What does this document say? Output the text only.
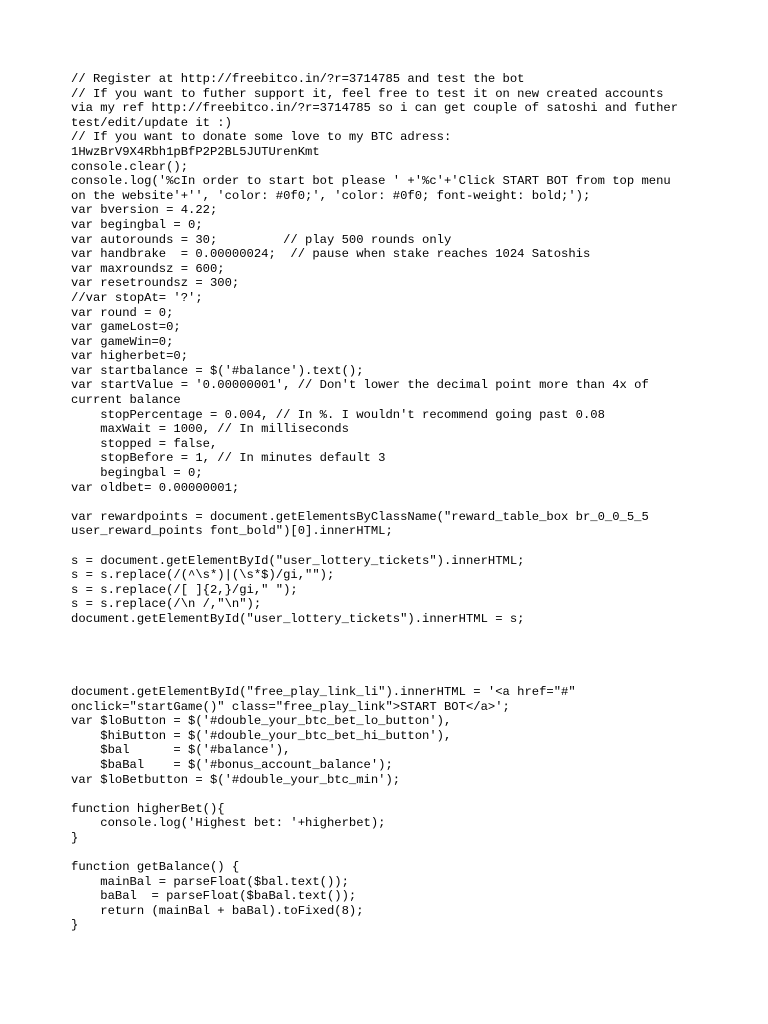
// Register at http://freebitco.in/?r=3714785 and test the bot
// If you want to futher support it, feel free to test it on new created accounts
via my ref http://freebitco.in/?r=3714785 so i can get couple of satoshi and futher
test/edit/update it :)
// If you want to donate some love to my BTC adress:
1HwzBrV9X4Rbh1pBfP2P2BL5JUTUrenKmt
console.clear();
console.log('%cIn order to start bot please ' +'%c'+'Click START BOT from top menu
on the website'+'', 'color: #0f0;', 'color: #0f0; font-weight: bold;');
var bversion = 4.22;
var begingbal = 0;
var autorounds = 30;         // play 500 rounds only
var handbrake  = 0.00000024;  // pause when stake reaches 1024 Satoshis
var maxroundsz = 600;
var resetroundsz = 300;
//var stopAt= '?';
var round = 0;
var gameLost=0;
var gameWin=0;
var higherbet=0;
var startbalance = $('#balance').text();
var startValue = '0.00000001', // Don't lower the decimal point more than 4x of
current balance
stopPercentage = 0.004, // In %. I wouldn't recommend going past 0.08
maxWait = 1000, // In milliseconds
stopped = false,
stopBefore = 1, // In minutes default 3
begingbal = 0;
var oldbet= 0.00000001;
var rewardpoints = document.getElementsByClassName("reward_table_box br_0_0_5_5
user_reward_points font_bold")[0].innerHTML;
s = document.getElementById("user_lottery_tickets").innerHTML;
s = s.replace(/(^\s*)|(\s*$)/gi,"");
s = s.replace(/[ ]{2,}/gi," ");
s = s.replace(/\n /,"\n");
document.getElementById("user_lottery_tickets").innerHTML = s;
document.getElementById("free_play_link_li").innerHTML = '<a href="#"
onclick="startGame()" class="free_play_link">START BOT</a>';
var $loButton = $('#double_your_btc_bet_lo_button'),
$hiButton = $('#double_your_btc_bet_hi_button'),
$bal      = $('#balance'),
$baBal    = $('#bonus_account_balance');
var $loBetbutton = $('#double_your_btc_min');
function higherBet(){
console.log('Highest bet: '+higherbet);
}
function getBalance() {
mainBal = parseFloat($bal.text());
baBal  = parseFloat($baBal.text());
return (mainBal + baBal).toFixed(8);
}
